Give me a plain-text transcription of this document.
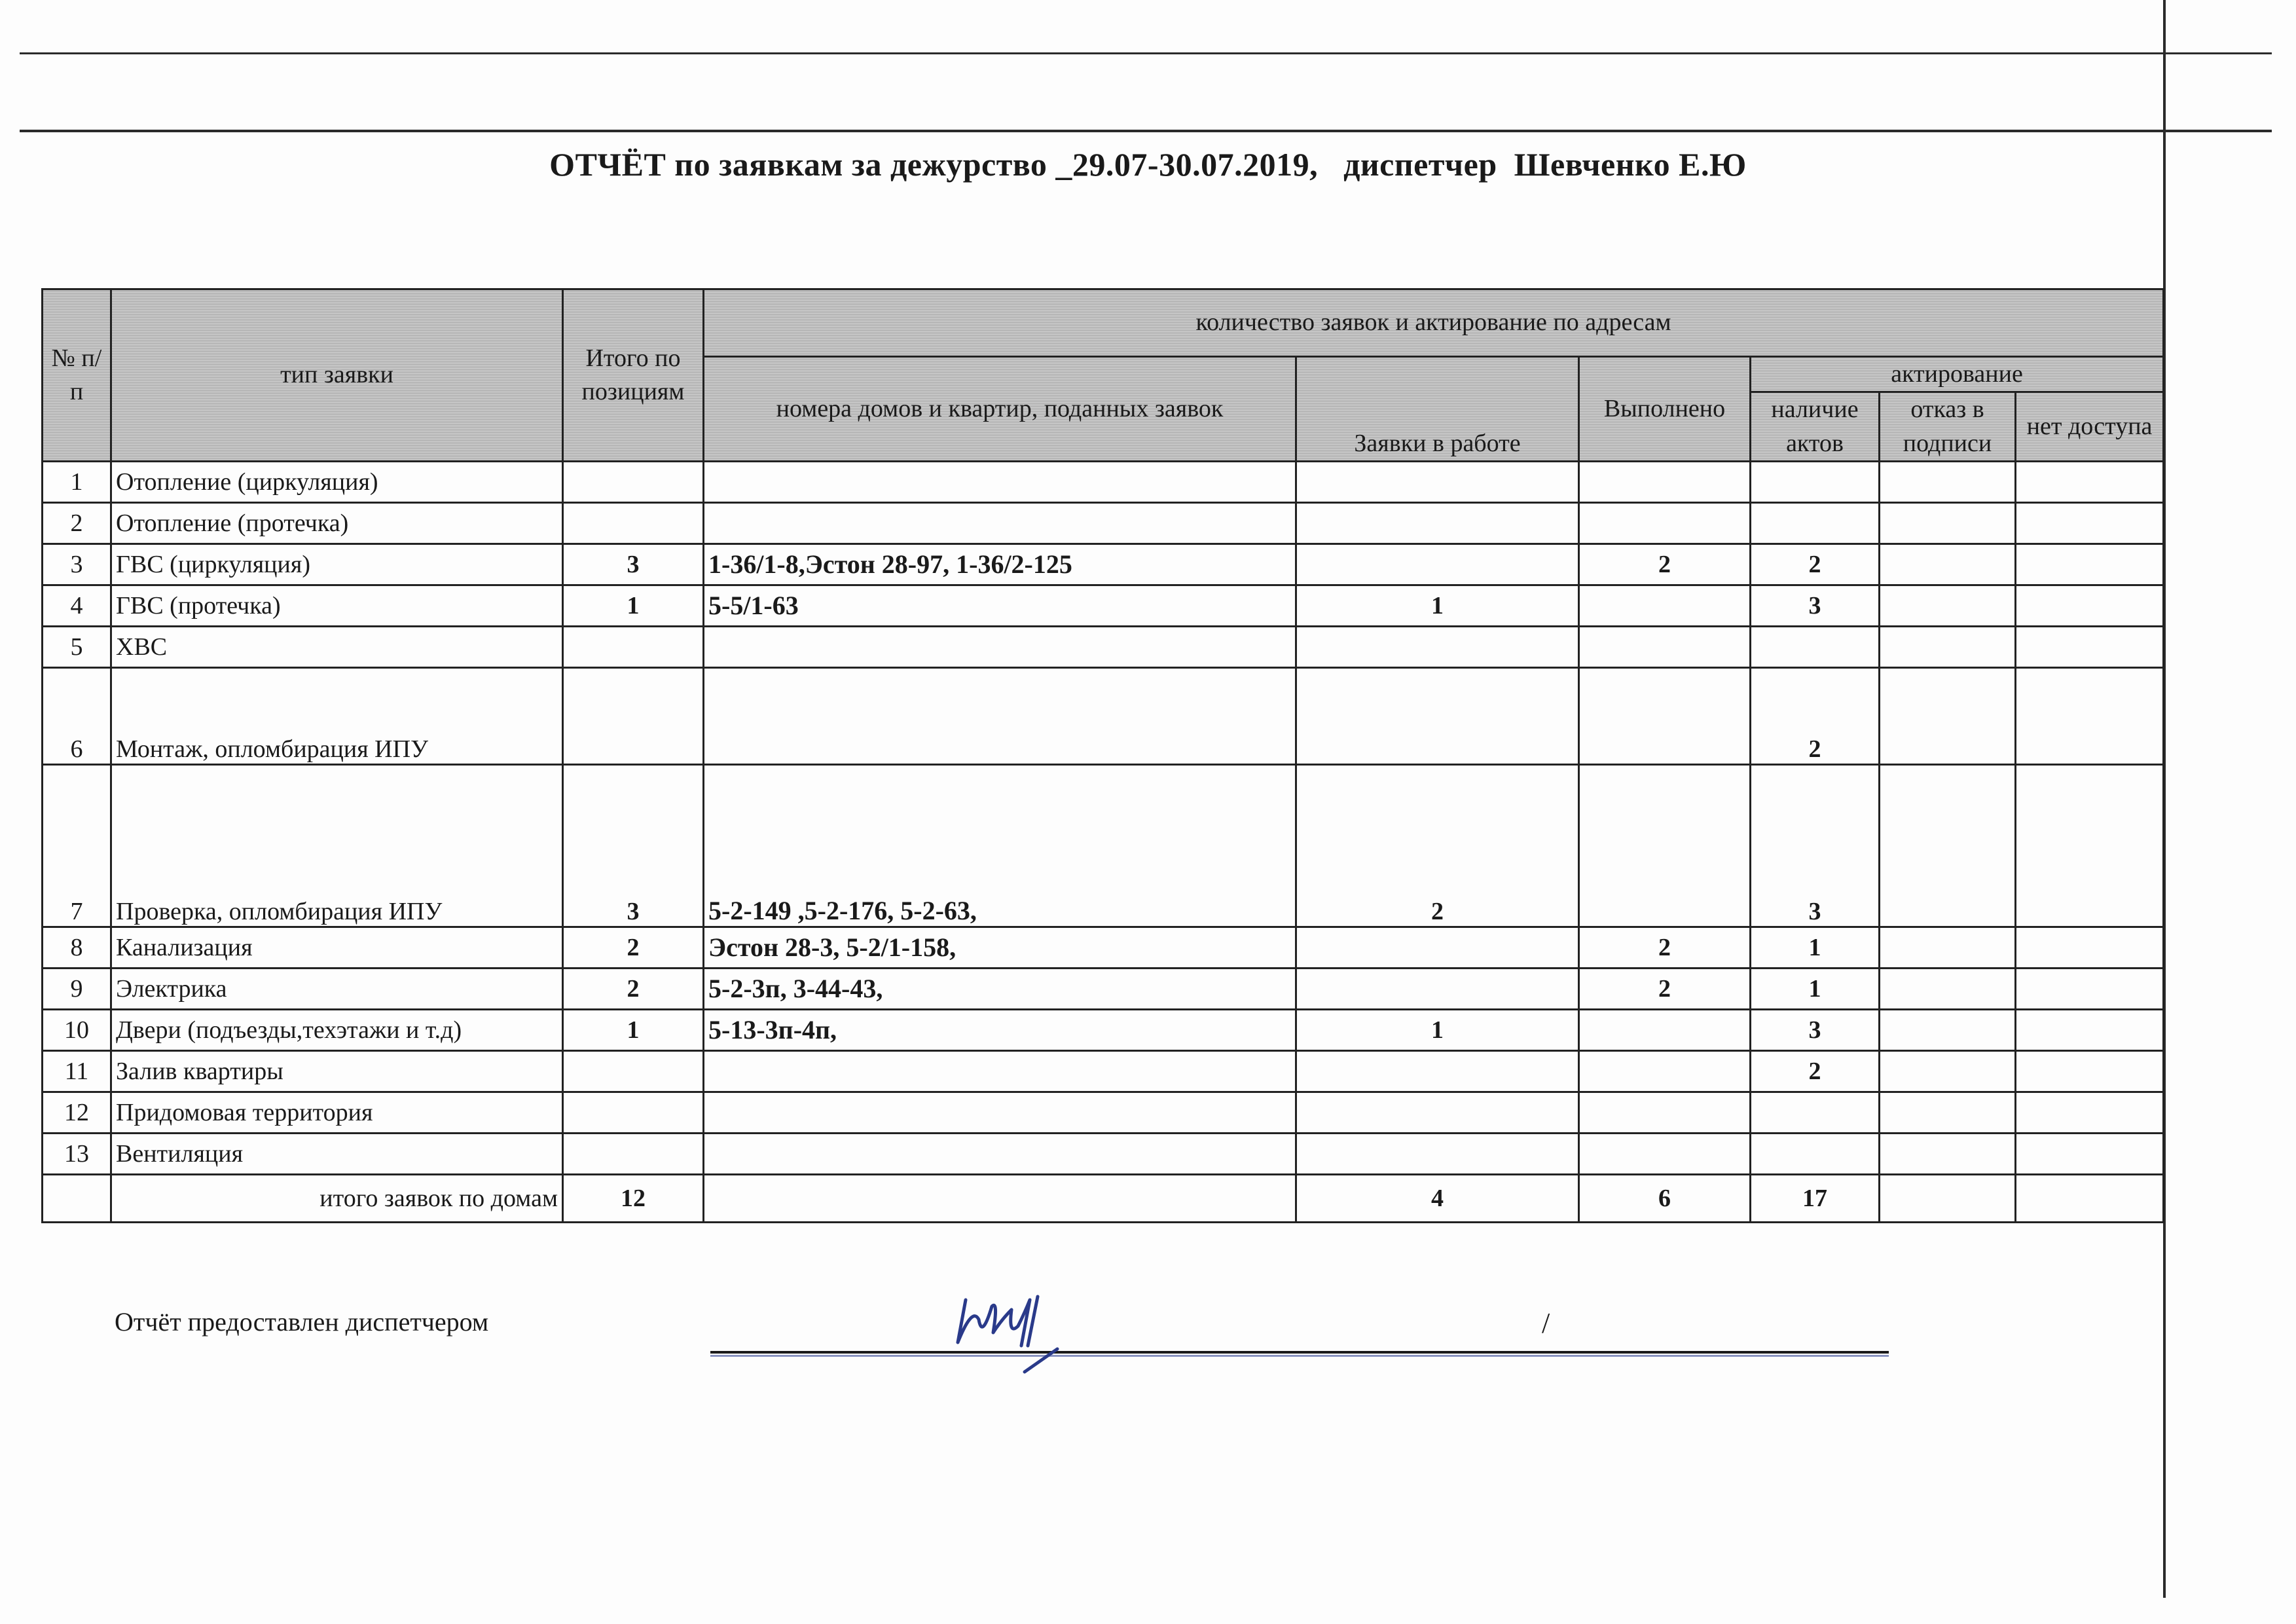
ОТЧЁТ по заявкам за дежурство _29.07-30.07.2019,   диспетчер  Шевченко Е.Ю
№ п/п	тип заявки	Итого по позициям	количество заявок и актирование по адресам					
			номера домов и квартир, поданных заявок	Заявки в работе	Выполнено	актирование		
						наличие актов	отказ в подписи	нет доступа

1	Отопление (циркуляция)							
2	Отопление (протечка)							
3	ГВС (циркуляция)	3	1-36/1-8,Эстон 28-97, 1-36/2-125		2	2		
4	ГВС (протечка)	1	5-5/1-63	1		3		
5	ХВС							
6	Монтаж, опломбирация ИПУ					2		
7	Проверка, опломбирация ИПУ	3	5-2-149 ,5-2-176, 5-2-63,	2		3		
8	Канализация	2	Эстон 28-3, 5-2/1-158,		2	1		
9	Электрика	2	5-2-3п, 3-44-43,		2	1		
10	Двери (подъезды,техэтажи и т.д)	1	5-13-3п-4п,	1		3		
11	Залив квартиры					2		
12	Придомовая территория							
13	Вентиляция							
	итого заявок по домам	12		4	6	17		
Отчёт предоставлен диспетчером	/
